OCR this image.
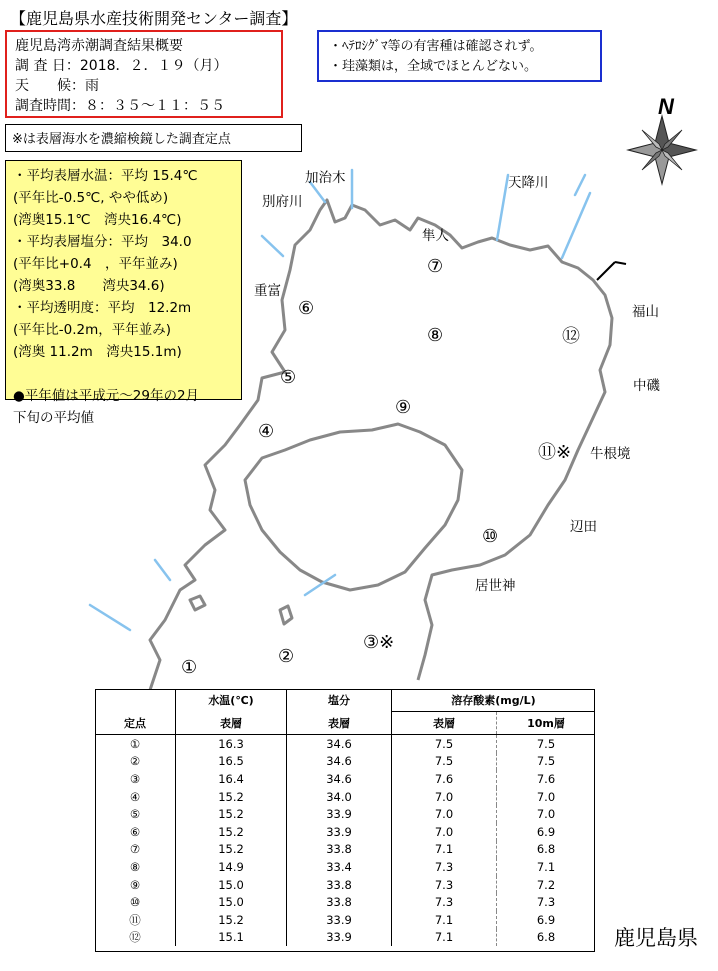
N
【鹿児島県水産技術開発センター調査】
鹿児島湾赤潮調査結果概要
調 査 日：2018．２．１９（月）
天　　候：雨
調査時間：８：３５〜１１：５５
・ﾍﾃﾛｼｸﾞﾏ等の有害種は確認されず。
・珪藻類は，全域でほとんどない。
※は表層海水を濃縮検鏡した調査定点
・平均表層水温：平均 15.4℃
(平年比-0.5℃, やや低め)
(湾奥15.1℃　湾央16.4℃)
・平均表層塩分：平均　34.0
(平年比+0.4　，平年並み)
(湾奥33.8　　湾央34.6)
・平均透明度：平均　12.2m
(平年比-0.2m，平年並み)
(湾奥 11.2m　湾央15.1m)

●平年値は平成元〜29年の2月
下旬の平均値
加治木	天降川
別府川
隼人
重富
福山
中磯
牛根境
辺田
居世神
①
②
③※
④
⑤
⑥
⑦
⑧
⑨
⑩
⑪※
⑫
	水温(℃)	塩分	溶存酸素(mg/L)	
定点	表層	表層	表層	10m層
①	16.3	34.6	7.5	7.5
②	16.5	34.6	7.5	7.5
③	16.4	34.6	7.6	7.6
④	15.2	34.0	7.0	7.0
⑤	15.2	33.9	7.0	7.0
⑥	15.2	33.9	7.0	6.9
⑦	15.2	33.8	7.1	6.8
⑧	14.9	33.4	7.3	7.1
⑨	15.0	33.8	7.3	7.2
⑩	15.0	33.8	7.3	7.3
⑪	15.2	33.9	7.1	6.9
⑫	15.1	33.9	7.1	6.8	鹿児島県
